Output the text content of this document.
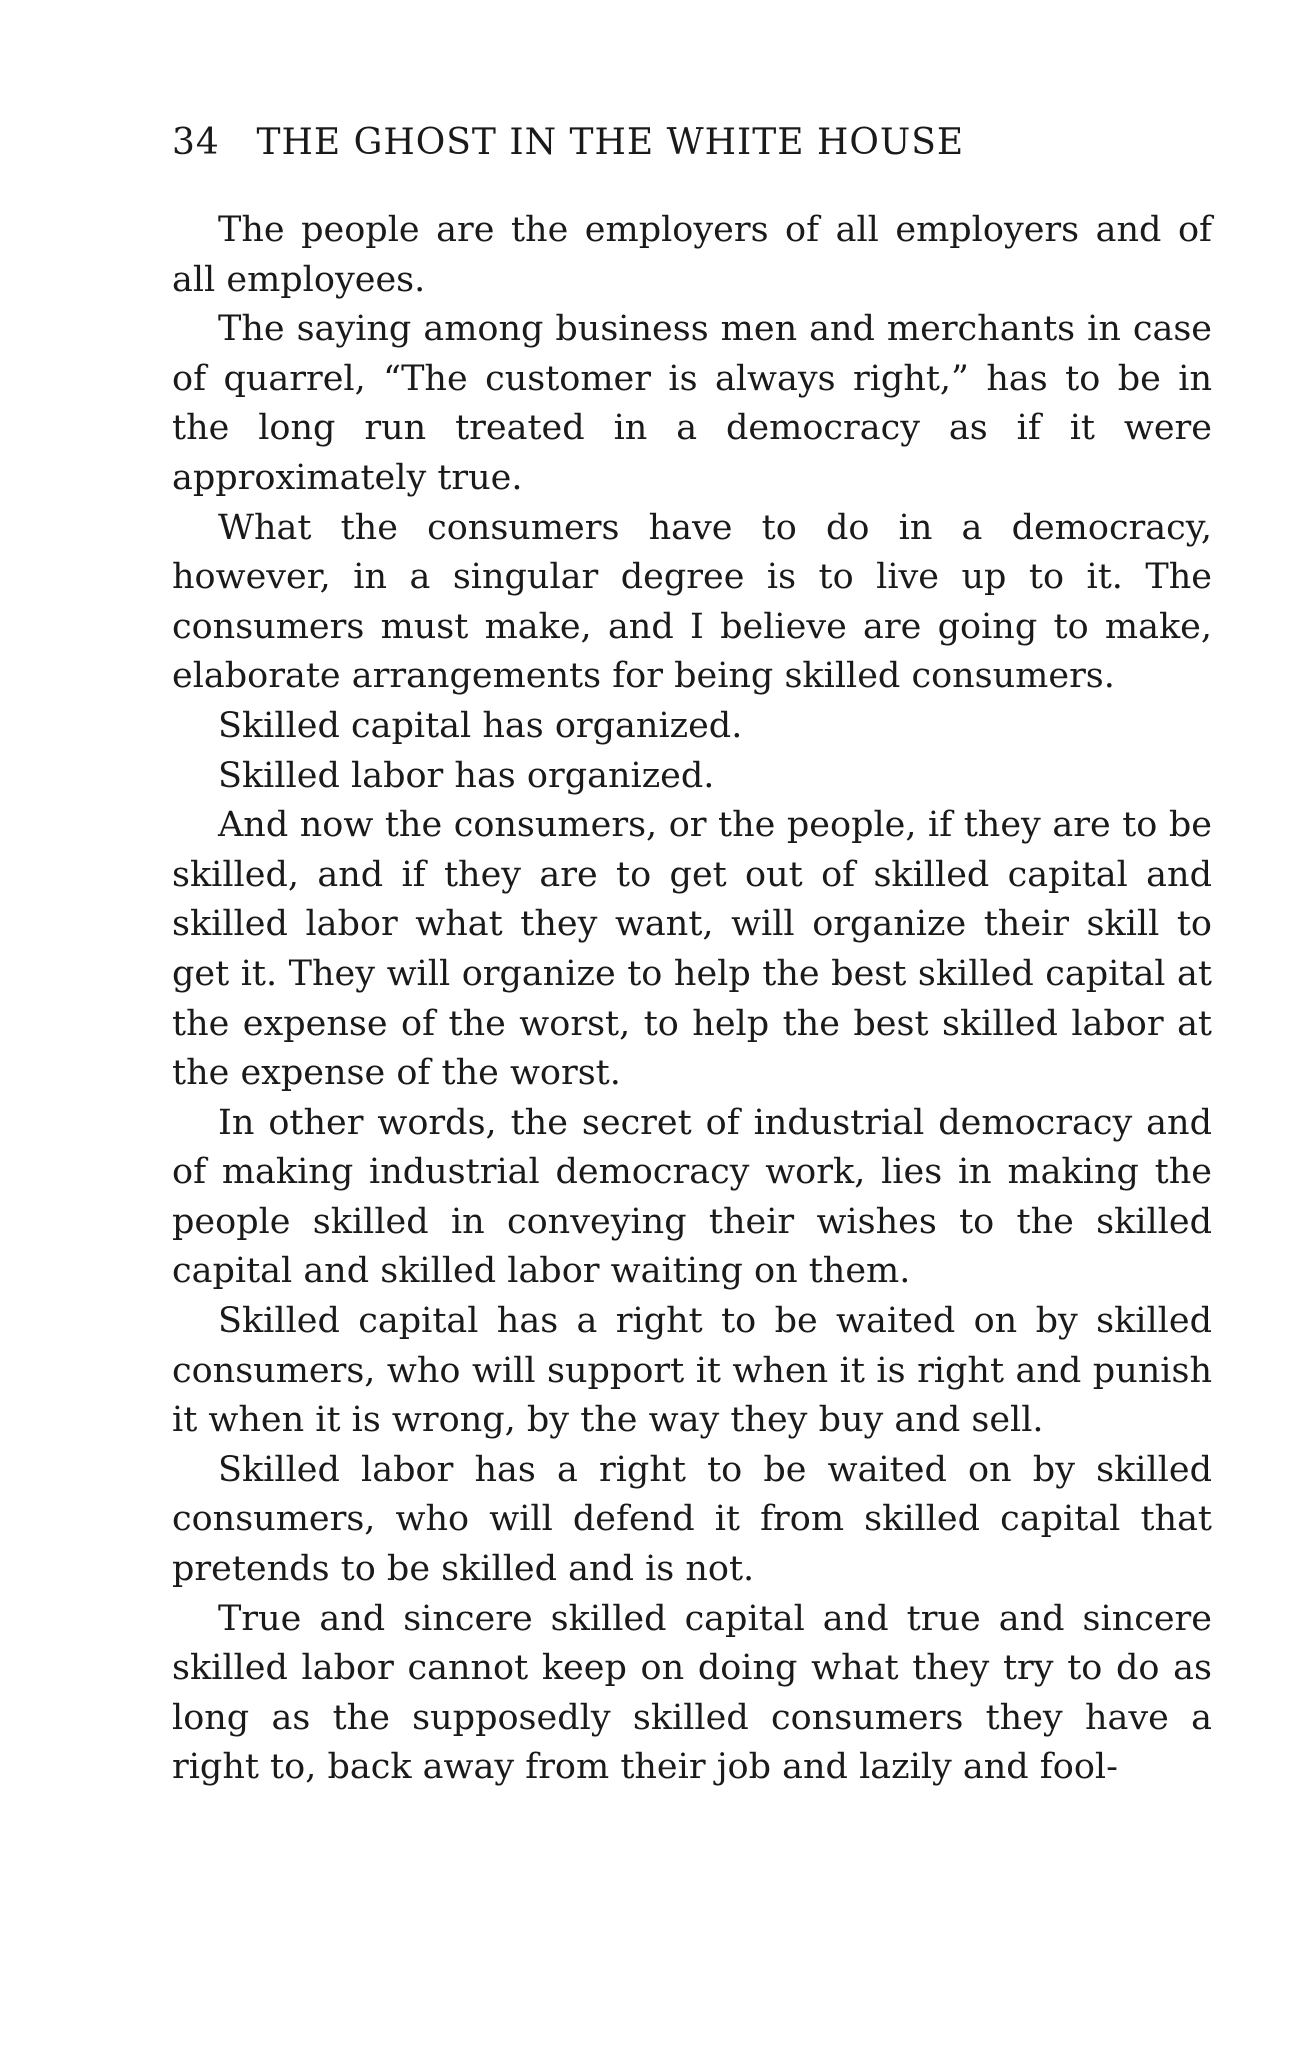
34 THE GHOST IN THE WHITE HOUSE

The people are the employers of all employers and of all employees.

The saying among business men and merchants in case of quarrel, “The customer is always right,” has to be in the long run treated in a democracy as if it were approximately true.

What the consumers have to do in a democracy, however, in a singular degree is to live up to it. The consumers must make, and I believe are going to make, elaborate arrangements for being skilled consumers.

Skilled capital has organized.

Skilled labor has organized.

And now the consumers, or the people, if they are to be skilled, and if they are to get out of skilled capital and skilled labor what they want, will organize their skill to get it. They will organize to help the best skilled capital at the expense of the worst, to help the best skilled labor at the expense of the worst.

In other words, the secret of industrial democracy and of making industrial democracy work, lies in making the people skilled in conveying their wishes to the skilled capital and skilled labor waiting on them.

Skilled capital has a right to be waited on by skilled consumers, who will support it when it is right and punish it when it is wrong, by the way they buy and sell.

Skilled labor has a right to be waited on by skilled consumers, who will defend it from skilled capital that pretends to be skilled and is not.

True and sincere skilled capital and true and sincere skilled labor cannot keep on doing what they try to do as long as the supposedly skilled consumers they have a right to, back away from their job and lazily and fool-
